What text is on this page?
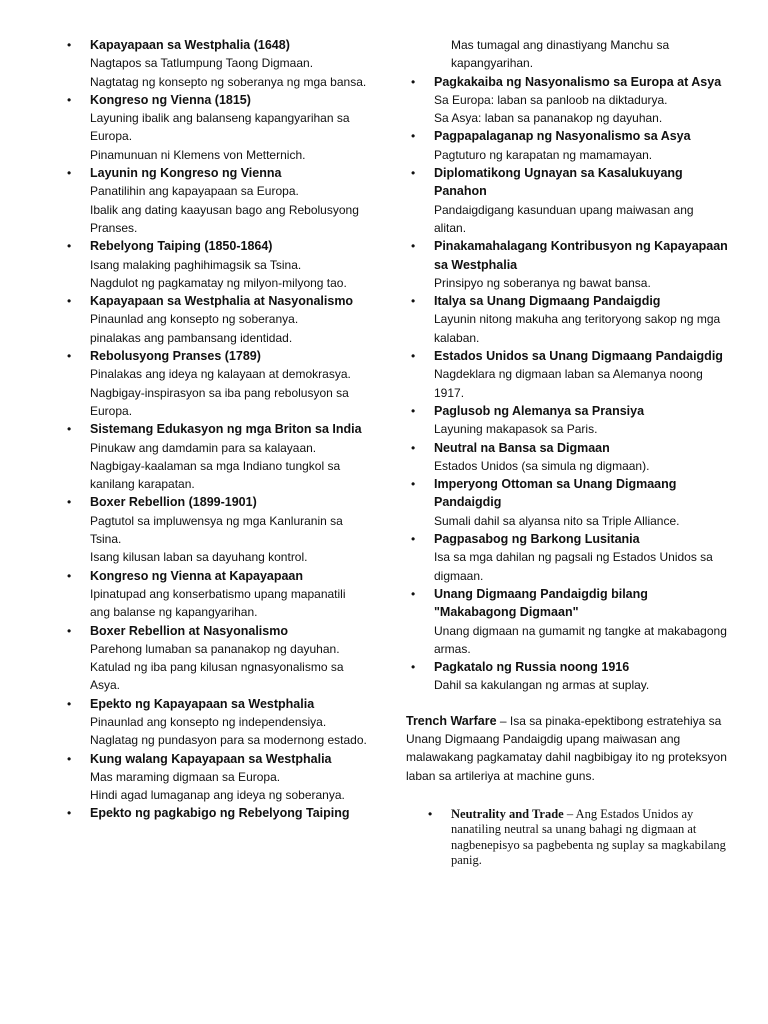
• Kapayapaan sa Westphalia (1648)
Nagtapos sa Tatlumpung Taong Digmaan.
Nagtatag ng konsepto ng soberanya ng mga bansa.
• Kongreso ng Vienna (1815)
Layuning ibalik ang balanseng kapangyarihan sa Europa.
Pinamunuan ni Klemens von Metternich.
• Layunin ng Kongreso ng Vienna
Panatilihin ang kapayapaan sa Europa.
Ibalik ang dating kaayusan bago ang Rebolusyong Pranses.
• Rebelyong Taiping (1850-1864)
Isang malaking paghihimagsik sa Tsina.
Nagdulot ng pagkamatay ng milyon-milyong tao.
• Kapayapaan sa Westphalia at Nasyonalismo
Pinaunlad ang konsepto ng soberanya.
pinalakas ang pambansang identidad.
• Rebolusyong Pranses (1789)
Pinalakas ang ideya ng kalayaan at demokrasya.
Nagbigay-inspirasyon sa iba pang rebolusyon sa Europa.
• Sistemang Edukasyon ng mga Briton sa India
Pinukaw ang damdamin para sa kalayaan.
Nagbigay-kaalaman sa mga Indiano tungkol sa kanilang karapatan.
• Boxer Rebellion (1899-1901)
Pagtutol sa impluwensya ng mga Kanluranin sa Tsina.
Isang kilusan laban sa dayuhang kontrol.
• Kongreso ng Vienna at Kapayapaan
Ipinatupad ang konserbatismo upang mapanatili ang balanse ng kapangyarihan.
• Boxer Rebellion at Nasyonalismo
Parehong lumaban sa pananakop ng dayuhan.
Katulad ng iba pang kilusan ngnasyonalismo sa Asya.
• Epekto ng Kapayapaan sa Westphalia
Pinaunlad ang konsepto ng independensiya.
Naglatag ng pundasyon para sa modernong estado.
• Kung walang Kapayapaan sa Westphalia
Mas maraming digmaan sa Europa.
Hindi agad lumaganap ang ideya ng soberanya.
• Epekto ng pagkabigo ng Rebelyong Taiping
Mas tumagal ang dinastiyang Manchu sa kapangyarihan.
• Pagkakaiba ng Nasyonalismo sa Europa at Asya
Sa Europa: laban sa panloob na diktadurya.
Sa Asya: laban sa pananakop ng dayuhan.
• Pagpapalaganap ng Nasyonalismo sa Asya
Pagtuturo ng karapatan ng mamamayan.
• Diplomatikong Ugnayan sa Kasalukuyang Panahon
Pandaigdigang kasunduan upang maiwasan ang alitan.
• Pinakamahalagang Kontribusyon ng Kapayapaan sa Westphalia
Prinsipyo ng soberanya ng bawat bansa.
• Italya sa Unang Digmaang Pandaigdig
Layunin nitong makuha ang teritoryong sakop ng mga kalaban.
• Estados Unidos sa Unang Digmaang Pandaigdig
Nagdeklara ng digmaan laban sa Alemanya noong 1917.
• Paglusob ng Alemanya sa Pransiya
Layuning makapasok sa Paris.
• Neutral na Bansa sa Digmaan
Estados Unidos (sa simula ng digmaan).
• Imperyong Ottoman sa Unang Digmaang Pandaigdig
Sumali dahil sa alyansa nito sa Triple Alliance.
• Pagpasabog ng Barkong Lusitania
Isa sa mga dahilan ng pagsali ng Estados Unidos sa digmaan.
• Unang Digmaang Pandaigdig bilang "Makabagong Digmaan"
Unang digmaan na gumamit ng tangke at makabagong armas.
• Pagkatalo ng Russia noong 1916
Dahil sa kakulangan ng armas at suplay.
Trench Warfare – Isa sa pinaka-epektibong estratehiya sa Unang Digmaang Pandaigdig upang maiwasan ang malawakang pagkamatay dahil nagbibigay ito ng proteksyon laban sa artileriya at machine guns.
• Neutrality and Trade – Ang Estados Unidos ay nanatiling neutral sa unang bahagi ng digmaan at nagbenepisyo sa pagbebenta ng suplay sa magkabilang panig.
